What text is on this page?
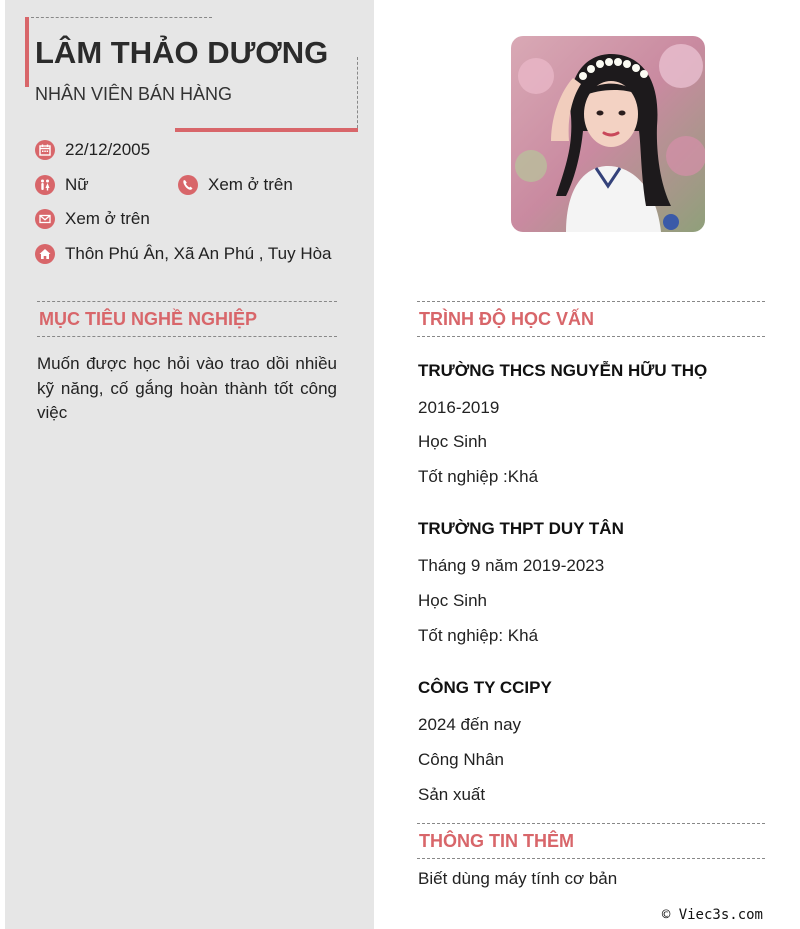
LÂM THẢO DƯƠNG
NHÂN VIÊN BÁN HÀNG
22/12/2005
Nữ	Xem ở trên
Xem ở trên
Thôn Phú Ân, Xã An Phú , Tuy Hòa
MỤC TIÊU NGHỀ NGHIỆP
Muốn được học hỏi vào trao dồi nhiều kỹ năng, cố gắng hoàn thành tốt công việc
TRÌNH ĐỘ HỌC VẤN
TRƯỜNG THCS NGUYỄN HỮU THỌ
2016-2019
Học Sinh
Tốt nghiệp :Khá
TRƯỜNG THPT DUY TÂN
Tháng 9 năm 2019-2023
Học Sinh
Tốt nghiệp: Khá
CÔNG TY CCIPY
2024 đến nay
Công Nhân
Sản xuất
THÔNG TIN THÊM
Biết dùng máy tính cơ bản
© Viec3s.com
